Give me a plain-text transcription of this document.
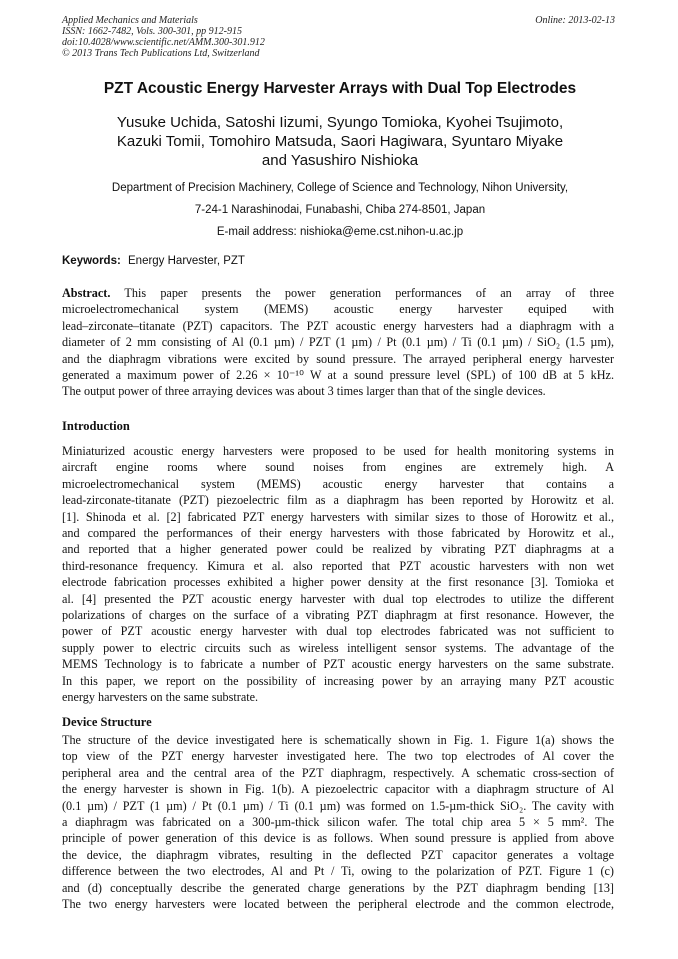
Applied Mechanics and Materials
ISSN: 1662-7482, Vols. 300-301, pp 912-915
doi:10.4028/www.scientific.net/AMM.300-301.912
© 2013 Trans Tech Publications Ltd, Switzerland
Online: 2013-02-13
PZT Acoustic Energy Harvester Arrays with Dual Top Electrodes
Yusuke Uchida, Satoshi Iizumi, Syungo Tomioka, Kyohei Tsujimoto,
Kazuki Tomii, Tomohiro Matsuda, Saori Hagiwara, Syuntaro Miyake
and Yasushiro Nishioka
Department of Precision Machinery, College of Science and Technology, Nihon University,
7-24-1 Narashinodai, Funabashi, Chiba 274-8501, Japan
E-mail address: nishioka@eme.cst.nihon-u.ac.jp
Keywords: Energy Harvester, PZT
Abstract. This paper presents the power generation performances of an array of three
microelectromechanical system (MEMS) acoustic energy harvester equiped with
lead–zirconate–titanate (PZT) capacitors. The PZT acoustic energy harvesters had a diaphragm with a
diameter of 2 mm consisting of Al (0.1 µm) / PZT (1 µm) / Pt (0.1 µm) / Ti (0.1 µm) / SiO₂ (1.5 µm),
and the diaphragm vibrations were excited by sound pressure. The arrayed peripheral energy harvester
generated a maximum power of 2.26 × 10⁻¹⁰ W at a sound pressure level (SPL) of 100 dB at 5 kHz.
The output power of three arraying devices was about 3 times larger than that of the single devices.
Introduction
Miniaturized acoustic energy harvesters were proposed to be used for health monitoring systems in
aircraft engine rooms where sound noises from engines are extremely high. A
microelectromechanical system (MEMS) acoustic energy harvester that contains a
lead-zirconate-titanate (PZT) piezoelectric film as a diaphragm has been reported by Horowitz et al.
[1]. Shinoda et al. [2] fabricated PZT energy harvesters with similar sizes to those of Horowitz et al.,
and compared the performances of their energy harvesters with those fabricated by Horowitz et al.,
and reported that a higher generated power could be realized by vibrating PZT diaphragms at a
third-resonance frequency. Kimura et al. also reported that PZT acoustic harvesters with non wet
electrode fabrication processes exhibited a higher power density at the first resonance [3]. Tomioka et
al. [4] presented the PZT acoustic energy harvester with dual top electrodes to utilize the different
polarizations of charges on the surface of a vibrating PZT diaphragm at first resonance. However, the
power of PZT acoustic energy harvester with dual top electrodes fabricated was not sufficient to
supply power to electric circuits such as wireless intelligent sensor systems. The advantage of the
MEMS Technology is to fabricate a number of PZT acoustic energy harvesters on the same substrate.
In this paper, we report on the possibility of increasing power by an arraying many PZT acoustic
energy harvesters on the same substrate.
Device Structure
The structure of the device investigated here is schematically shown in Fig. 1. Figure 1(a) shows the
top view of the PZT energy harvester investigated here. The two top electrodes of Al cover the
peripheral area and the central area of the PZT diaphragm, respectively. A schematic cross-section of
the energy harvester is shown in Fig. 1(b). A piezoelectric capacitor with a diaphragm structure of Al
(0.1 µm) / PZT (1 µm) / Pt (0.1 µm) / Ti (0.1 µm) was formed on 1.5-µm-thick SiO₂. The cavity with
a diaphragm was fabricated on a 300-µm-thick silicon wafer. The total chip area 5 × 5 mm². The
principle of power generation of this device is as follows. When sound pressure is applied from above
the device, the diaphragm vibrates, resulting in the deflected PZT capacitor generates a voltage
difference between the two electrodes, Al and Pt / Ti, owing to the polarization of PZT. Figure 1 (c)
and (d) conceptually describe the generated charge generations by the PZT diaphragm bending [13]
The two energy harvesters were located between the peripheral electrode and the common electrode,
